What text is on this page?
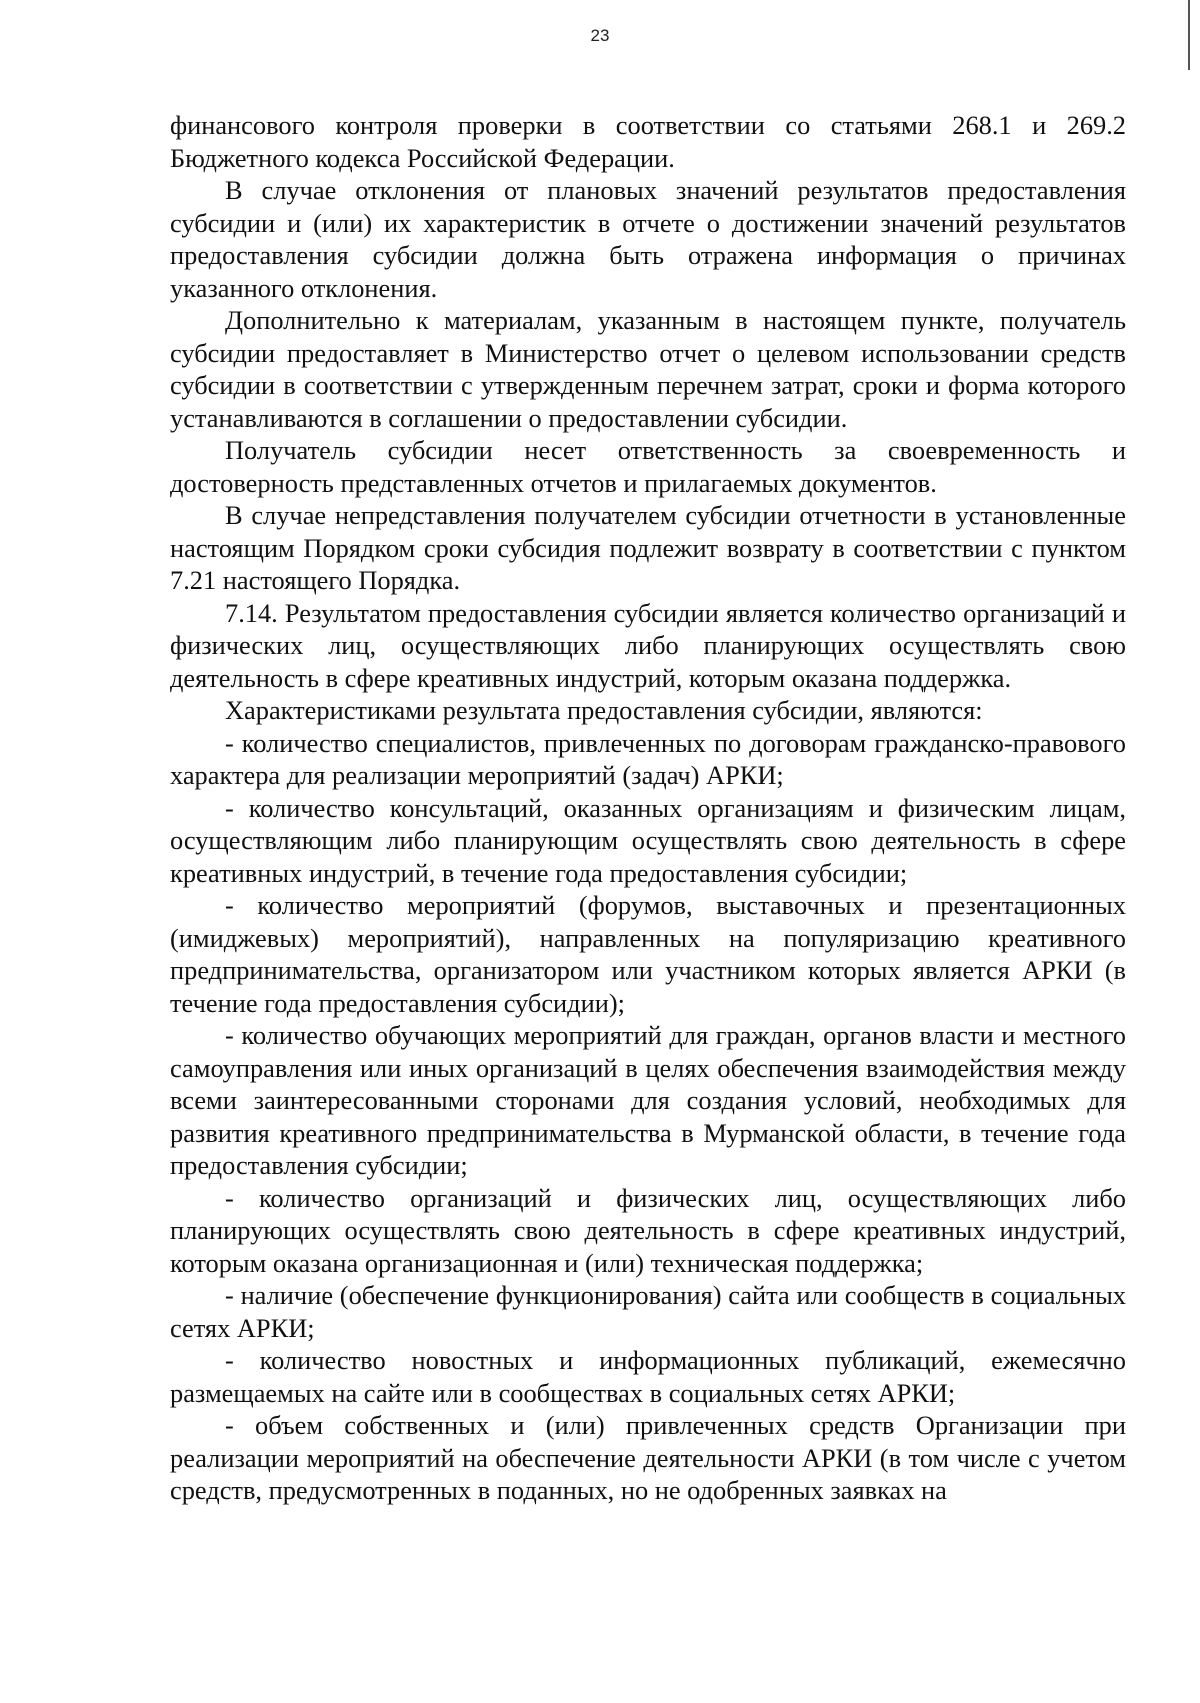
23

финансового контроля проверки в соответствии со статьями 268.1 и 269.2 Бюджетного кодекса Российской Федерации.

В случае отклонения от плановых значений результатов предоставления субсидии и (или) их характеристик в отчете о достижении значений результатов предоставления субсидии должна быть отражена информация о причинах указанного отклонения.

Дополнительно к материалам, указанным в настоящем пункте, получатель субсидии предоставляет в Министерство отчет о целевом использовании средств субсидии в соответствии с утвержденным перечнем затрат, сроки и форма которого устанавливаются в соглашении о предоставлении субсидии.

Получатель субсидии несет ответственность за своевременность и достоверность представленных отчетов и прилагаемых документов.

В случае непредставления получателем субсидии отчетности в установленные настоящим Порядком сроки субсидия подлежит возврату в соответствии с пунктом 7.21 настоящего Порядка.

7.14. Результатом предоставления субсидии является количество организаций и физических лиц, осуществляющих либо планирующих осуществлять свою деятельность в сфере креативных индустрий, которым оказана поддержка.

Характеристиками результата предоставления субсидии, являются:

- количество специалистов, привлеченных по договорам гражданско-правового характера для реализации мероприятий (задач) АРКИ;

- количество консультаций, оказанных организациям и физическим лицам, осуществляющим либо планирующим осуществлять свою деятельность в сфере креативных индустрий, в течение года предоставления субсидии;

- количество мероприятий (форумов, выставочных и презентационных (имиджевых) мероприятий), направленных на популяризацию креативного предпринимательства, организатором или участником которых является АРКИ (в течение года предоставления субсидии);

- количество обучающих мероприятий для граждан, органов власти и местного самоуправления или иных организаций в целях обеспечения взаимодействия между всеми заинтересованными сторонами для создания условий, необходимых для развития креативного предпринимательства в Мурманской области, в течение года предоставления субсидии;

- количество организаций и физических лиц, осуществляющих либо планирующих осуществлять свою деятельность в сфере креативных индустрий, которым оказана организационная и (или) техническая поддержка;

- наличие (обеспечение функционирования) сайта или сообществ в социальных сетях АРКИ;

- количество новостных и информационных публикаций, ежемесячно размещаемых на сайте или в сообществах в социальных сетях АРКИ;

- объем собственных и (или) привлеченных средств Организации при реализации мероприятий на обеспечение деятельности АРКИ (в том числе с учетом средств, предусмотренных в поданных, но не одобренных заявках на
